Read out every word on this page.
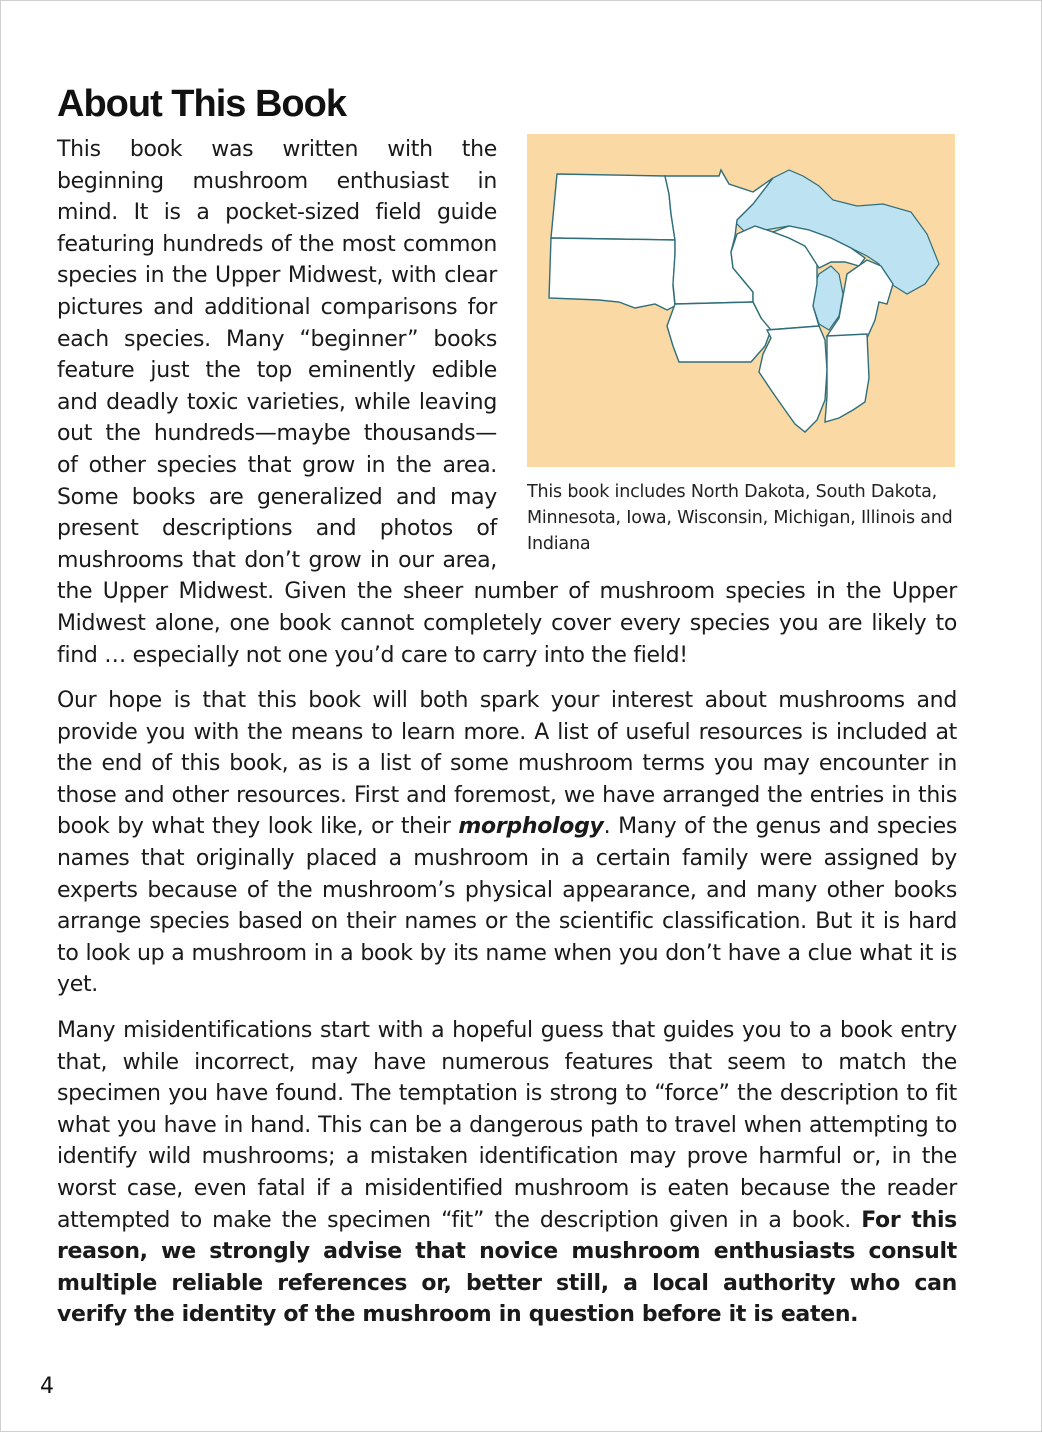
About This Book
This book includes North Dakota, South Dakota, Minnesota, Iowa, Wisconsin, Michigan, Illinois and Indiana

This book was written with the beginning mushroom enthusiast in mind. It is a pocket-sized field guide featuring hundreds of the most common species in the Upper Midwest, with clear pictures and additional comparisons for each species. Many “beginner” books feature just the top eminently edible and deadly toxic varieties, while leaving out the hundreds—maybe thousands—of other species that grow in the area. Some books are generalized and may present descriptions and photos of mushrooms that don’t grow in our area, the Upper Midwest. Given the sheer number of mushroom species in the Upper Midwest alone, one book cannot completely cover every species you are likely to find … especially not one you’d care to carry into the field!

Our hope is that this book will both spark your interest about mushrooms and provide you with the means to learn more. A list of useful resources is included at the end of this book, as is a list of some mushroom terms you may encounter in those and other resources. First and foremost, we have arranged the entries in this book by what they look like, or their morphology. Many of the genus and species names that originally placed a mushroom in a certain family were assigned by experts because of the mushroom’s physical appearance, and many other books arrange species based on their names or the scientific classification. But it is hard to look up a mushroom in a book by its name when you don’t have a clue what it is yet.

Many misidentifications start with a hopeful guess that guides you to a book entry that, while incorrect, may have numerous features that seem to match the specimen you have found. The temptation is strong to “force” the description to fit what you have in hand. This can be a dangerous path to travel when attempting to identify wild mushrooms; a mistaken identification may prove harmful or, in the worst case, even fatal if a misidentified mushroom is eaten because the reader attempted to make the specimen “fit” the description given in a book. For this reason, we strongly advise that novice mushroom enthusiasts consult multiple reliable references or, better still, a local authority who can verify the identity of the mushroom in question before it is eaten.

4
